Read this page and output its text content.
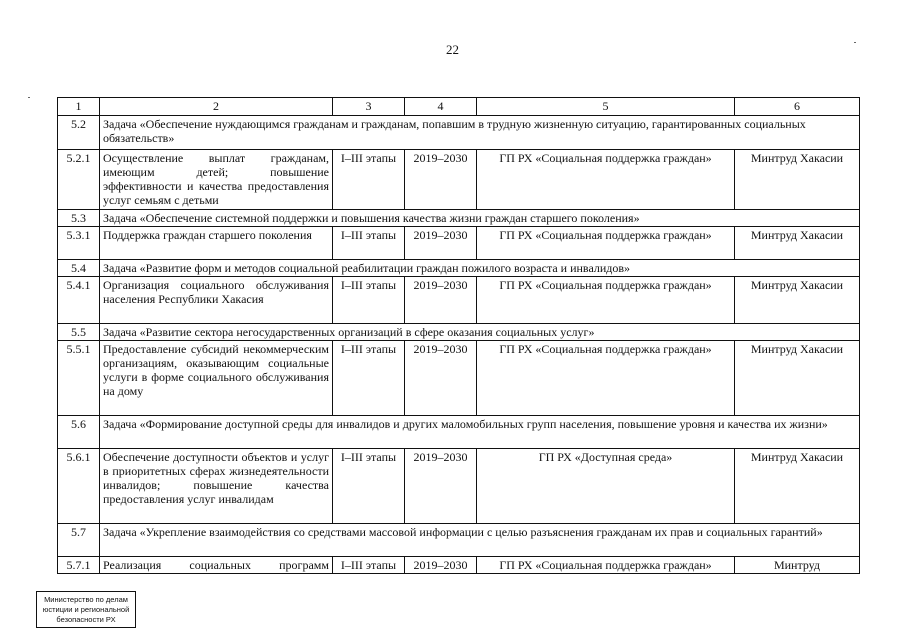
22
1	2	3	4	5	6
5.2	Задача «Обеспечение нуждающимся гражданам и гражданам, попавшим в трудную жизненную ситуацию, гарантированных социальных обязательств»				
5.2.1	Осуществление выплат гражданам, имеющим детей; повышение эффективности и качества предоставления услуг семьям с детьми	I–III этапы	2019–2030	ГП РХ «Социальная поддержка граждан»	Минтруд Хакасии
5.3	Задача «Обеспечение системной поддержки и повышения качества жизни граждан старшего поколения»				
5.3.1	Поддержка граждан старшего поколения	I–III этапы	2019–2030	ГП РХ «Социальная поддержка граждан»	Минтруд Хакасии
5.4	Задача «Развитие форм и методов социальной реабилитации граждан пожилого возраста и инвалидов»				
5.4.1	Организация социального обслуживания населения Республики Хакасия	I–III этапы	2019–2030	ГП РХ «Социальная поддержка граждан»	Минтруд Хакасии
5.5	Задача «Развитие сектора негосударственных организаций в сфере оказания социальных услуг»				
5.5.1	Предоставление субсидий некоммерческим организациям, оказывающим социальные услуги в форме социального обслуживания на дому	I–III этапы	2019–2030	ГП РХ «Социальная поддержка граждан»	Минтруд Хакасии
5.6	Задача «Формирование доступной среды для инвалидов и других маломобильных групп населения, повышение уровня и качества их жизни»				
5.6.1	Обеспечение доступности объектов и услуг в приоритетных сферах жизнедеятельности инвалидов; повышение качества предоставления услуг инвалидам	I–III этапы	2019–2030	ГП РХ «Доступная среда»	Минтруд Хакасии
5.7	Задача «Укрепление взаимодействия со средствами массовой информации с целью разъяснения гражданам их прав и социальных гарантий»				
5.7.1	Реализация социальных программ	I–III этапы	2019–2030	ГП РХ «Социальная поддержка граждан»	Минтруд
Министерство по делам
юстиции и региональной
безопасности РХ
